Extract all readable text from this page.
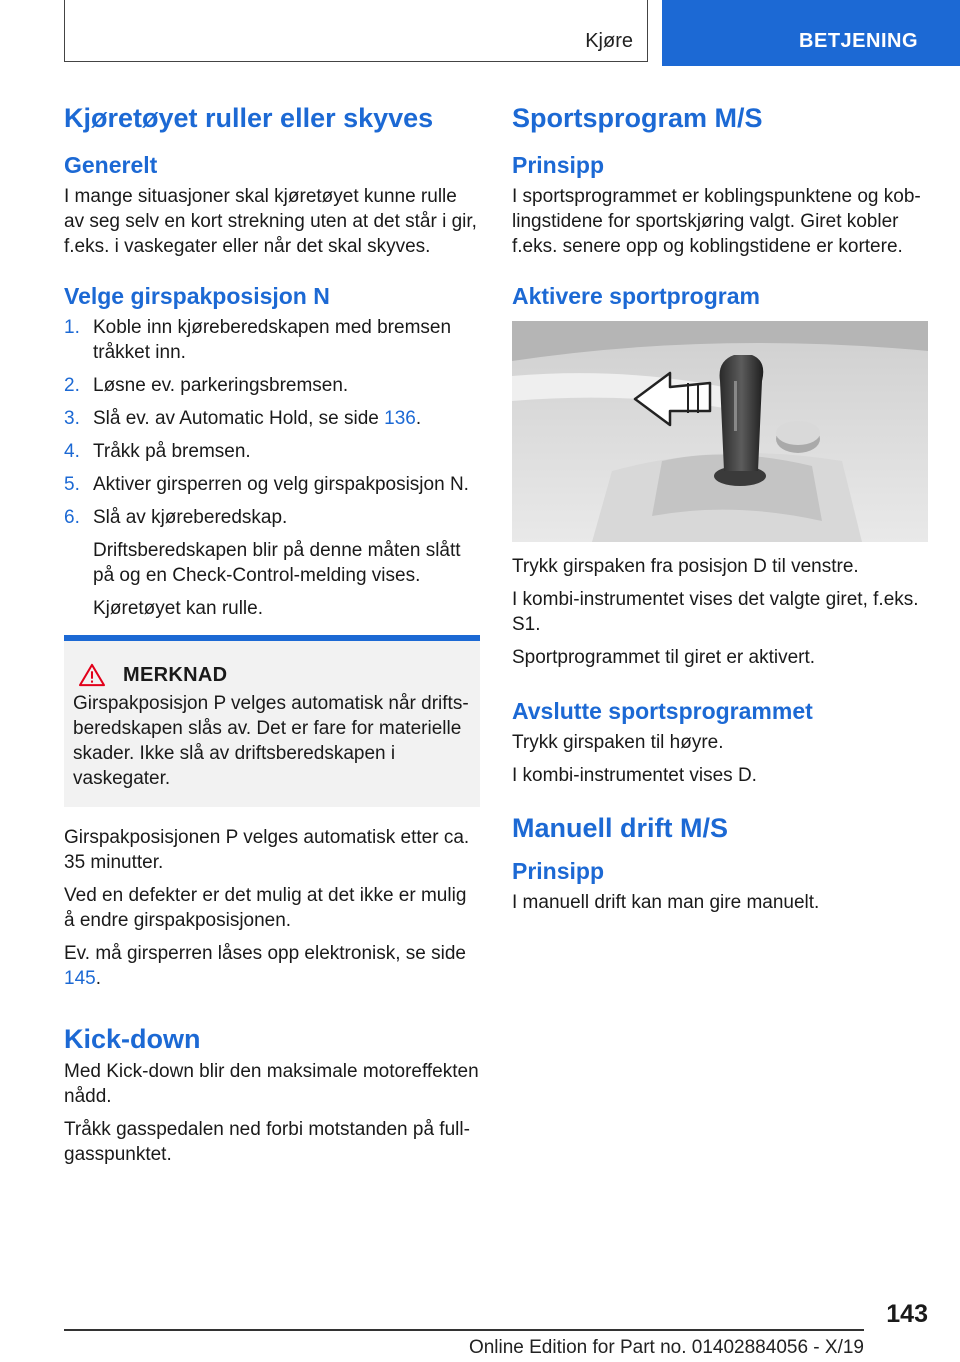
Kjøre	BETJENING
Kjøretøyet ruller eller skyves
Generelt

I mange situasjoner skal kjøretøyet kunne rulle av seg selv en kort strekning uten at det står i gir, f.eks. i vaskegater eller når det skal skyves.

Velge girspakposisjon N
1. Koble inn kjøreberedskapen med bremsen tråkket inn.
2. Løsne ev. parkeringsbremsen.
3. Slå ev. av Automatic Hold, se side 136.
4. Tråkk på bremsen.
5. Aktiver girsperren og velg girspakposisjon N.
6. Slå av kjøreberedskap.
Driftsberedskapen blir på denne måten slått på og en Check-Control-melding vises.
Kjøretøyet kan rulle.
MERKNAD

Girspakposisjon P velges automatisk når driftsberedskapen slås av. Det er fare for materielle skader. Ikke slå av driftsberedskapen i vaskegater.

Girspakposisjonen P velges automatisk etter ca. 35 minutter.

Ved en defekter er det mulig at det ikke er mulig å endre girspakposisjonen.

Ev. må girsperren låses opp elektronisk, se side 145.

Kick-down

Med Kick-down blir den maksimale motoreffekten nådd.

Tråkk gasspedalen ned forbi motstanden på fullgasspunktet.

Sportsprogram M/S
Prinsipp

I sportsprogrammet er koblingspunktene og koblingstidene for sportskjøring valgt. Giret kobler f.eks. senere opp og koblingstidene er kortere.

Aktivere sportprogram

Trykk girspaken fra posisjon D til venstre.

I kombi-instrumentet vises det valgte giret, f.eks. S1.

Sportprogrammet til giret er aktivert.

Avslutte sportsprogrammet

Trykk girspaken til høyre.

I kombi-instrumentet vises D.

Manuell drift M/S
Prinsipp

I manuell drift kan man gire manuelt.

143
Online Edition for Part no. 01402884056 - X/19
